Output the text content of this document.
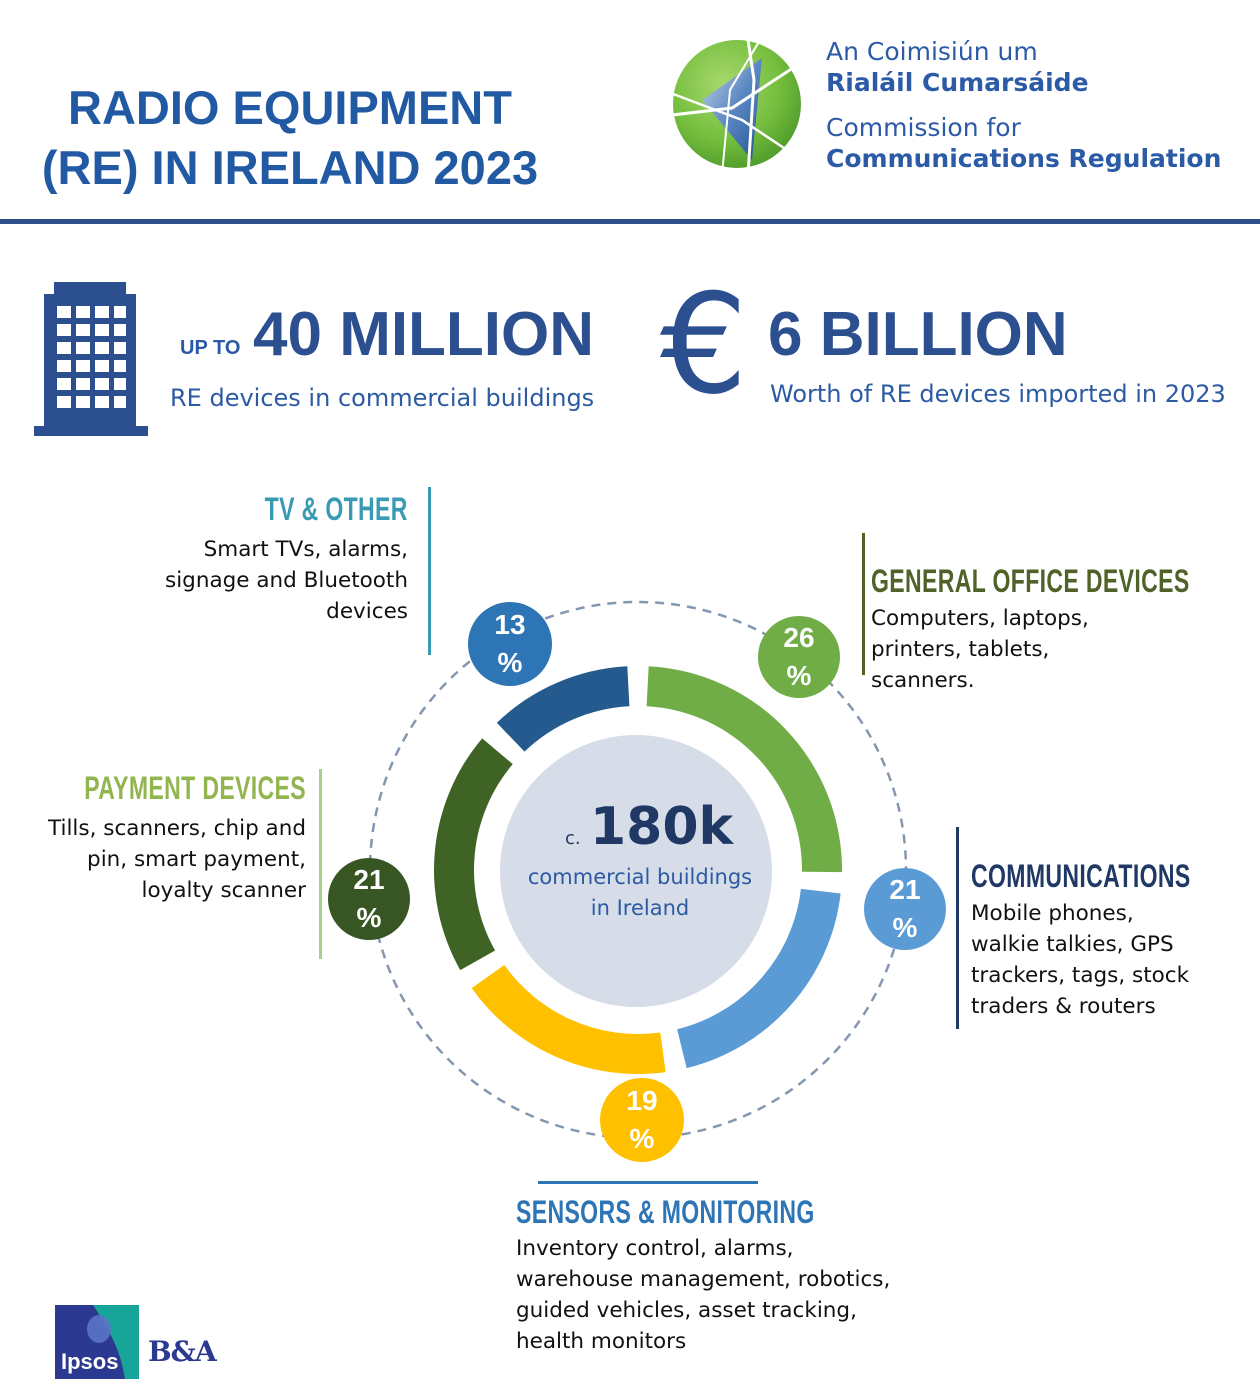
RADIO EQUIPMENT
(RE) IN IRELAND 2023
An Coimisiún um
Rialáil Cumarsáide
Commission for
Communications Regulation
UP TO 40 MILLION
RE devices in commercial buildings € 6 BILLION
Worth of RE devices imported in 2023
c. 180k
commercial buildings
in Ireland
26
%
21
%
19
%
21
%
13
%
TV & OTHER
Smart TVs, alarms,
signage and Bluetooth
devices
GENERAL OFFICE DEVICES
Computers, laptops,
printers, tablets,
scanners.
PAYMENT DEVICES
Tills, scanners, chip and
pin, smart payment,
loyalty scanner	COMMUNICATIONS
Mobile phones,
walkie talkies, GPS
trackers, tags, stock
traders & routers
SENSORS & MONITORING
Inventory control, alarms,
warehouse management, robotics,
guided vehicles, asset tracking,
health monitors
Ipsos B&A
